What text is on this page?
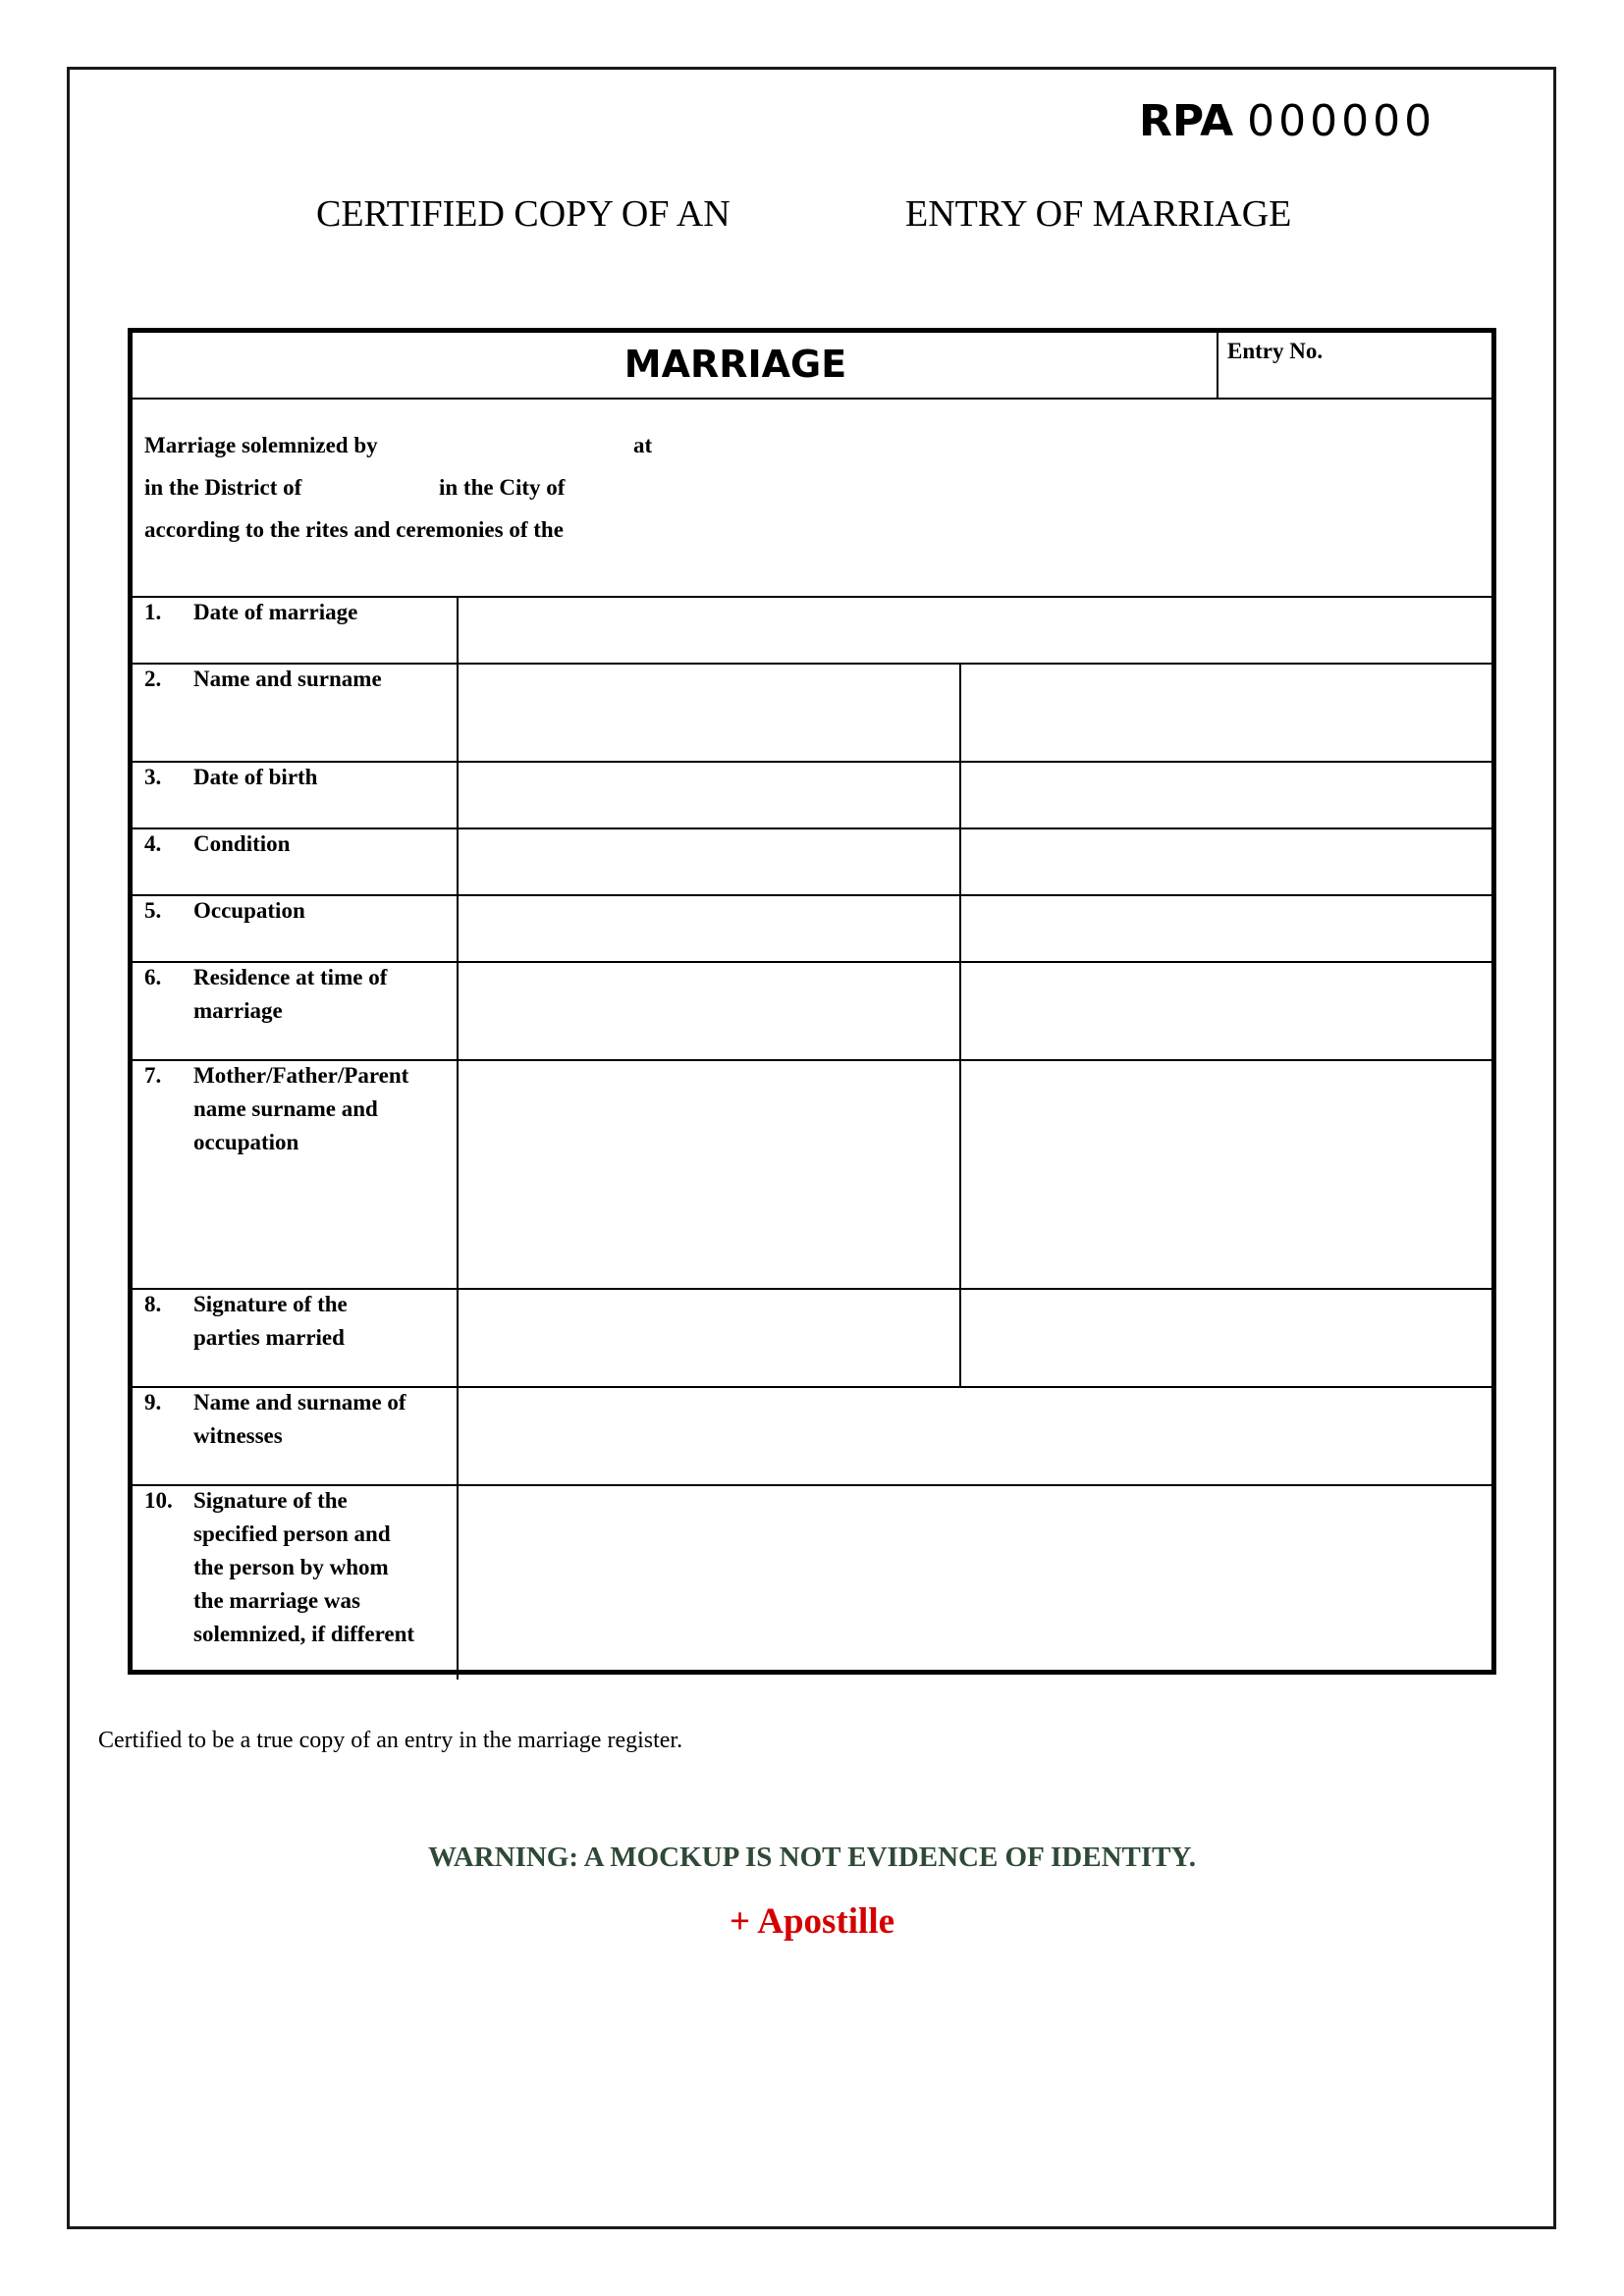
RPA 000000
CERTIFIED COPY OF AN	ENTRY OF MARRIAGE
MARRIAGE	Entry No.
Marriage solemnized by	at
in the District of	in the City of
according to the rites and ceremonies of the
1. Date of marriage
2. Name and surname
3. Date of birth
4. Condition
5. Occupation
6. Residence at time of
marriage
7. Mother/Father/Parent
name surname and
occupation
8. Signature of the
parties married
9. Name and surname of
witnesses
10. Signature of the
specified person and
the person by whom
the marriage was
solemnized, if different
Certified to be a true copy of an entry in the marriage register.
WARNING: A MOCKUP IS NOT EVIDENCE OF IDENTITY.
+ Apostille
